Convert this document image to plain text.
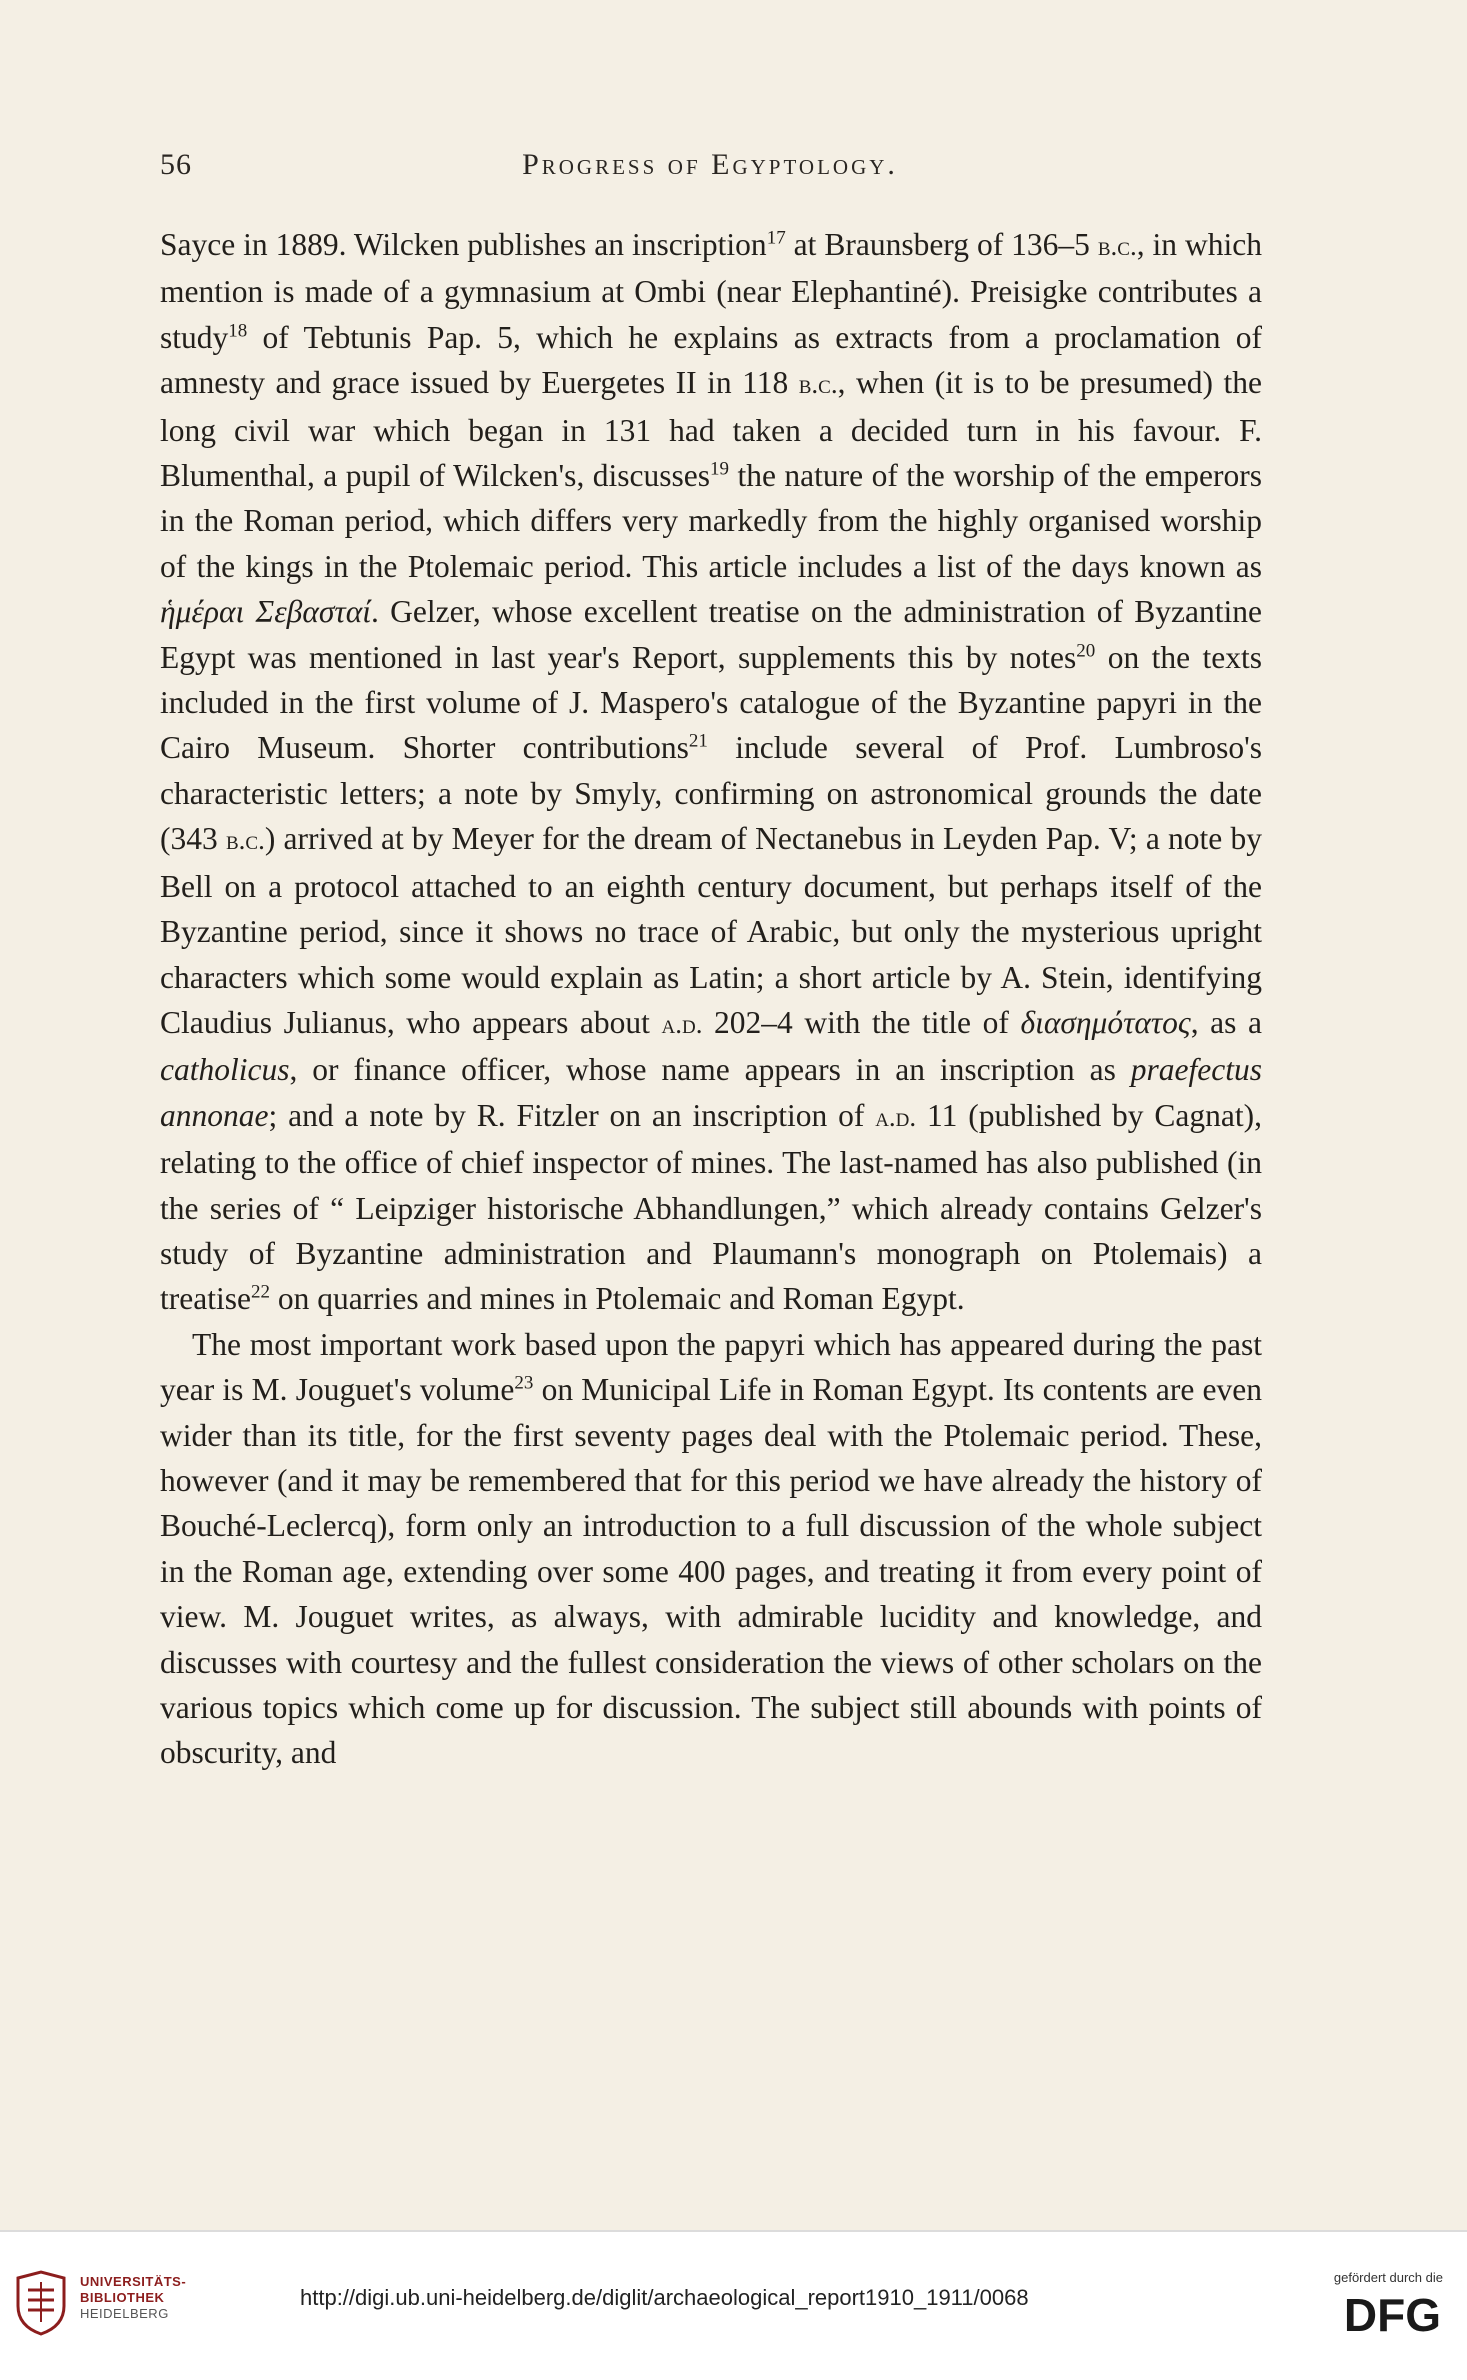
56	Progress of Egyptology.

Sayce in 1889. Wilcken publishes an inscription$^{17}$ at Braunsberg of 136–5 b.c., in which mention is made of a gymnasium at Ombi (near Elephantiné). Preisigke contributes a study$^{18}$ of Tebtunis Pap. 5, which he explains as extracts from a proclamation of amnesty and grace issued by Euergetes II in 118 b.c., when (it is to be presumed) the long civil war which began in 131 had taken a decided turn in his favour. F. Blumenthal, a pupil of Wilcken's, discusses$^{19}$ the nature of the worship of the emperors in the Roman period, which differs very markedly from the highly organised worship of the kings in the Ptolemaic period. This article includes a list of the days known as ἡμέραι Σεβασταί. Gelzer, whose excellent treatise on the administration of Byzantine Egypt was mentioned in last year's Report, supplements this by notes$^{20}$ on the texts included in the first volume of J. Maspero's catalogue of the Byzantine papyri in the Cairo Museum. Shorter contributions$^{21}$ include several of Prof. Lumbroso's characteristic letters; a note by Smyly, confirming on astronomical grounds the date (343 b.c.) arrived at by Meyer for the dream of Nectanebus in Leyden Pap. V; a note by Bell on a protocol attached to an eighth century document, but perhaps itself of the Byzantine period, since it shows no trace of Arabic, but only the mysterious upright characters which some would explain as Latin; a short article by A. Stein, identifying Claudius Julianus, who appears about a.d. 202–4 with the title of διασημότατος, as a catholicus, or finance officer, whose name appears in an inscription as praefectus annonae; and a note by R. Fitzler on an inscription of a.d. 11 (published by Cagnat), relating to the office of chief inspector of mines. The last-named has also published (in the series of “ Leipziger historische Abhandlungen,” which already contains Gelzer's study of Byzantine administration and Plaumann's monograph on Ptolemais) a treatise$^{22}$ on quarries and mines in Ptolemaic and Roman Egypt.

The most important work based upon the papyri which has appeared during the past year is M. Jouguet's volume$^{23}$ on Municipal Life in Roman Egypt. Its contents are even wider than its title, for the first seventy pages deal with the Ptolemaic period. These, however (and it may be remembered that for this period we have already the history of Bouché-Leclercq), form only an introduction to a full discussion of the whole subject in the Roman age, extending over some 400 pages, and treating it from every point of view. M. Jouguet writes, as always, with admirable lucidity and knowledge, and discusses with courtesy and the fullest consideration the views of other scholars on the various topics which come up for discussion. The subject still abounds with points of obscurity, and

UNIVERSITÄTS-
BIBLIOTHEK
HEIDELBERG
http://digi.ub.uni-heidelberg.de/diglit/archaeological_report1910_1911/0068
gefördert durch die
DFG
